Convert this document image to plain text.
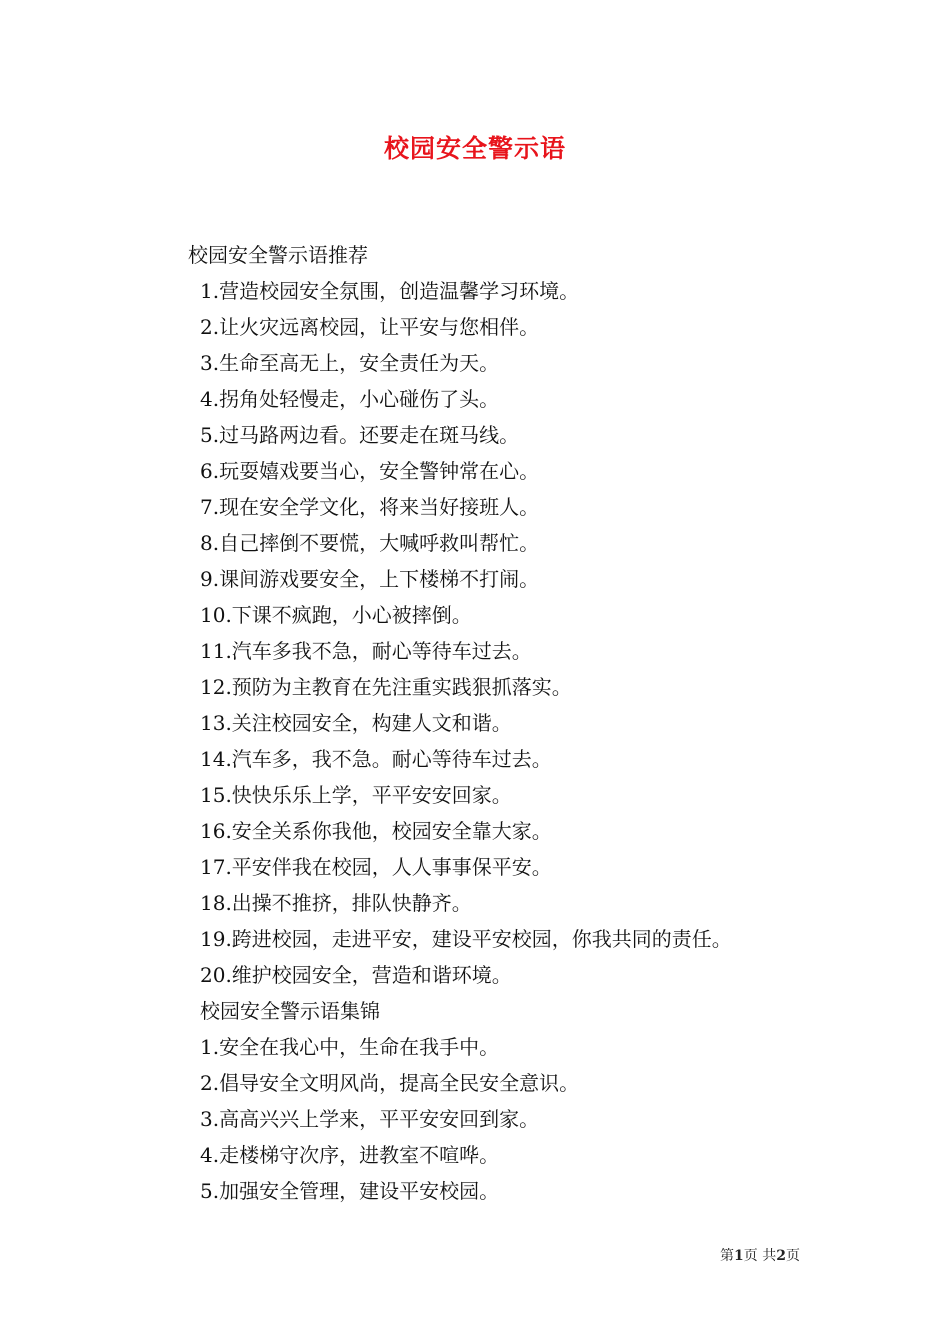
校园安全警示语
校园安全警示语推荐
1.营造校园安全氛围，创造温馨学习环境。
2.让火灾远离校园，让平安与您相伴。
3.生命至高无上，安全责任为天。
4.拐角处轻慢走，小心碰伤了头。
5.过马路两边看。还要走在斑马线。
6.玩耍嬉戏要当心，安全警钟常在心。
7.现在安全学文化，将来当好接班人。
8.自己摔倒不要慌，大喊呼救叫帮忙。
9.课间游戏要安全，上下楼梯不打闹。
10.下课不疯跑，小心被摔倒。
11.汽车多我不急，耐心等待车过去。
12.预防为主教育在先注重实践狠抓落实。
13.关注校园安全，构建人文和谐。
14.汽车多，我不急。耐心等待车过去。
15.快快乐乐上学，平平安安回家。
16.安全关系你我他，校园安全靠大家。
17.平安伴我在校园，人人事事保平安。
18.出操不推挤，排队快静齐。
19.跨进校园，走进平安，建设平安校园，你我共同的责任。
20.维护校园安全，营造和谐环境。
校园安全警示语集锦
1.安全在我心中，生命在我手中。
2.倡导安全文明风尚，提高全民安全意识。
3.高高兴兴上学来，平平安安回到家。
4.走楼梯守次序，进教室不喧哗。
5.加强安全管理，建设平安校园。
第1页 共2页
